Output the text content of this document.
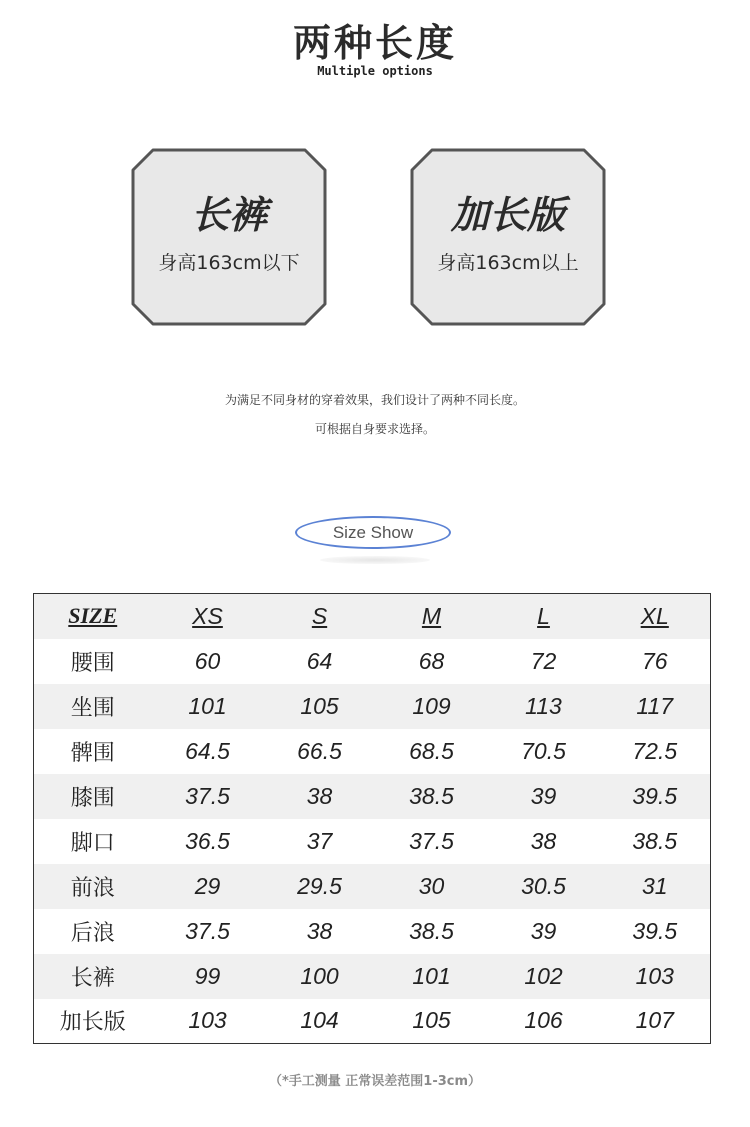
两种长度
Multiple options
长裤
身高163cm以下
加长版
身高163cm以上
为满足不同身材的穿着效果，我们设计了两种不同长度。
可根据自身要求选择。
Size Show
SIZE	XS	S	M	L	XL
腰围	60	64	68	72	76
坐围	101	105	109	113	117
髀围	64.5	66.5	68.5	70.5	72.5
膝围	37.5	38	38.5	39	39.5
脚口	36.5	37	37.5	38	38.5
前浪	29	29.5	30	30.5	31
后浪	37.5	38	38.5	39	39.5
长裤	99	100	101	102	103
加长版	103	104	105	106	107
（*手工测量 正常误差范围1-3cm）
